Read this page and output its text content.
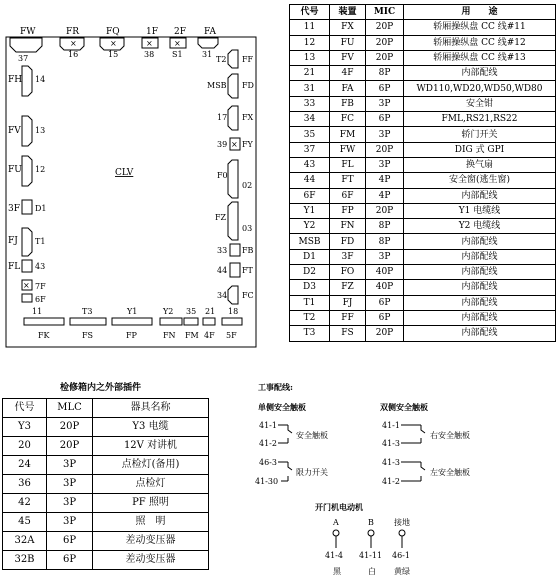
FW
37
FR
×
16
FQ
×
15
1F
×
38
2F
×
S1
FA
31
FH 14
FV 13
FU 12
3F D1
FJ T1
FL 43
× 7F
6F
T2 FF
MSB FD
17 FX
39 × FY
F0
02
FZ
03
33 FB
44 FT
34 FC
11
FK
T3
FS
Y1
FP
Y2
FN
35
FM
21
4F
18
5F
CLV
工事配线:
单侧安全触板	双侧安全触板
41-1
41-2
安全触板
46-3
41-30
限力开关
41-1
41-3
右安全触板
41-3
41-2
左安全触板
开门机电动机
A
41-4
黑
B
41-11
白
接地
46-1
黄绿
代号	装置	MIC	用　　途
11	FX	20P	轿厢操纵盘 CC 线#11
12	FU	20P	轿厢操纵盘 CC 线#12
13	FV	20P	轿厢操纵盘 CC 线#13
21	4F	8P	内部配线
31	FA	6P	WD110,WD20,WD50,WD80
33	FB	3P	安全钳
34	FC	6P	FML,RS21,RS22
35	FM	3P	轿门开关
37	FW	20P	DIG 式 GPI
43	FL	3P	换气扇
44	FT	4P	安全窗(逃生窗)
6F	6F	4P	内部配线
Y1	FP	20P	Y1 电缆线
Y2	FN	8P	Y2 电缆线
MSB	FD	8P	内部配线
D1	3F	3P	内部配线
D2	FO	40P	内部配线
D3	FZ	40P	内部配线
T1	FJ	6P	内部配线
T2	FF	6P	内部配线
T3	FS	20P	内部配线
检修箱内之外部插件
代号	MLC	器具名称
Y3	20P	Y3 电缆
20	20P	12V 对讲机
24	3P	点检灯(备用)
36	3P	点检灯
42	3P	PF 照明
45	3P	照　明
32A	6P	差动变压器
32B	6P	差动变压器
